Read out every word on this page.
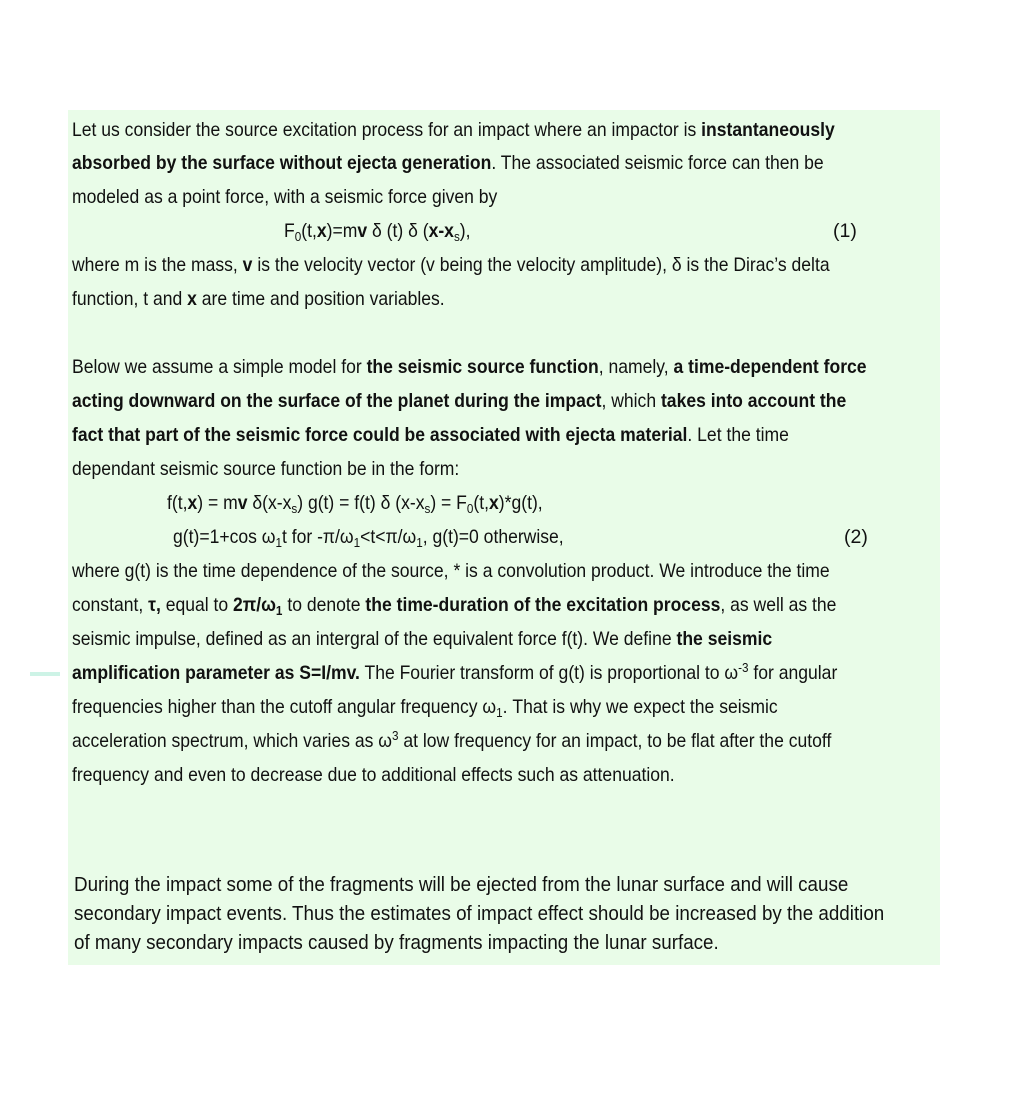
Let us consider the source excitation process for an impact where an impactor is instantaneously
absorbed by the surface without ejecta generation. The associated seismic force can then be
modeled as a point force, with a seismic force given by
$F_0(t,x)=mv$ δ (t) δ $(x-x_s)$,	(1)
where m is the mass, v is the velocity vector (v being the velocity amplitude), δ is the Dirac’s delta
function, t and x are time and position variables.
Below we assume a simple model for the seismic source function, namely, a time-dependent force
acting downward on the surface of the planet during the impact, which takes into account the
fact that part of the seismic force could be associated with ejecta material. Let the time
dependant seismic source function be in the form:
f(t,x) = mv $\delta(x-x_s) g(t) = f(t)$ δ $(x-x_s) = F_0(t,x)*g(t)$,
g(t)=1+cos $\omega_1t$ for $-\pi/\omega_1<t<\pi/\omega_1$, g(t)=0 otherwise,	(2)
where g(t) is the time dependence of the source, * is a convolution product. We introduce the time
constant, τ, equal to $2\pi/\omega_1$ to denote the time-duration of the excitation process, as well as the
seismic impulse, defined as an intergral of the equivalent force f(t). We define the seismic
amplification parameter as S=I/mv. The Fourier transform of g(t) is proportional to $\omega^{-3}$ for angular
frequencies higher than the cutoff angular frequency $\omega_1$. That is why we expect the seismic
acceleration spectrum, which varies as $\omega^3$ at low frequency for an impact, to be flat after the cutoff
frequency and even to decrease due to additional effects such as attenuation.
During the impact some of the fragments will be ejected from the lunar surface and will cause
secondary impact events. Thus the estimates of impact effect should be increased by the addition
of many secondary impacts caused by fragments impacting the lunar surface.
